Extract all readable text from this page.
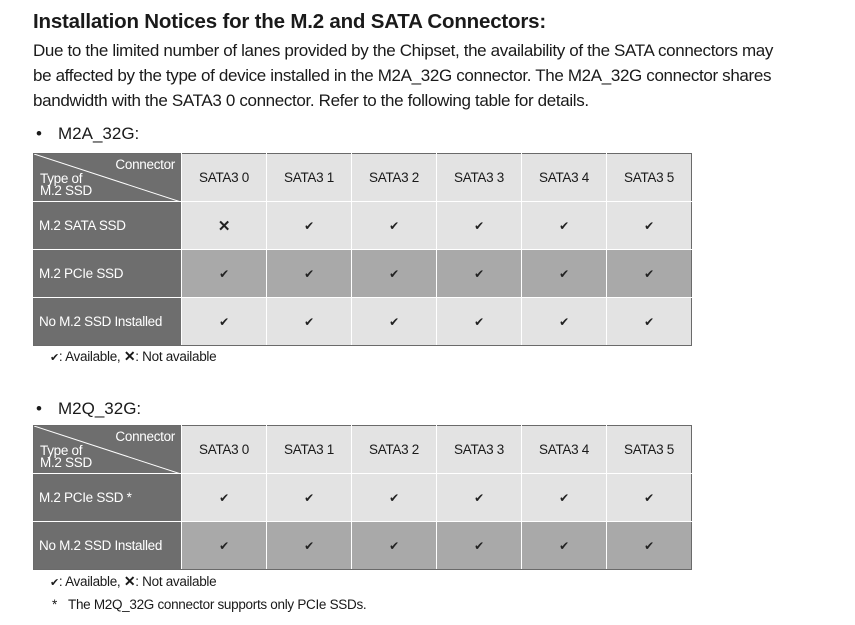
Installation Notices for the M.2 and SATA Connectors:
Due to the limited number of lanes provided by the Chipset, the availability of the SATA connectors may
be affected by the type of device installed in the M2A_32G connector. The M2A_32G connector shares
bandwidth with the SATA3 0 connector. Refer to the following table for details.
• M2A_32G:
Connector
Type of
M.2 SSD	SATA3 0	SATA3 1	SATA3 2	SATA3 3	SATA3 4	SATA3 5
M.2 SATA SSD	✕	✔	✔	✔	✔	✔
M.2 PCIe SSD	✔	✔	✔	✔	✔	✔
No M.2 SSD Installed	✔	✔	✔	✔	✔	✔
✔: Available, ✕: Not available
• M2Q_32G:
Connector
Type of
M.2 SSD	SATA3 0	SATA3 1	SATA3 2	SATA3 3	SATA3 4	SATA3 5
M.2 PCIe SSD *	✔	✔	✔	✔	✔	✔
No M.2 SSD Installed	✔	✔	✔	✔	✔	✔
✔: Available, ✕: Not available
* The M2Q_32G connector supports only PCIe SSDs.
